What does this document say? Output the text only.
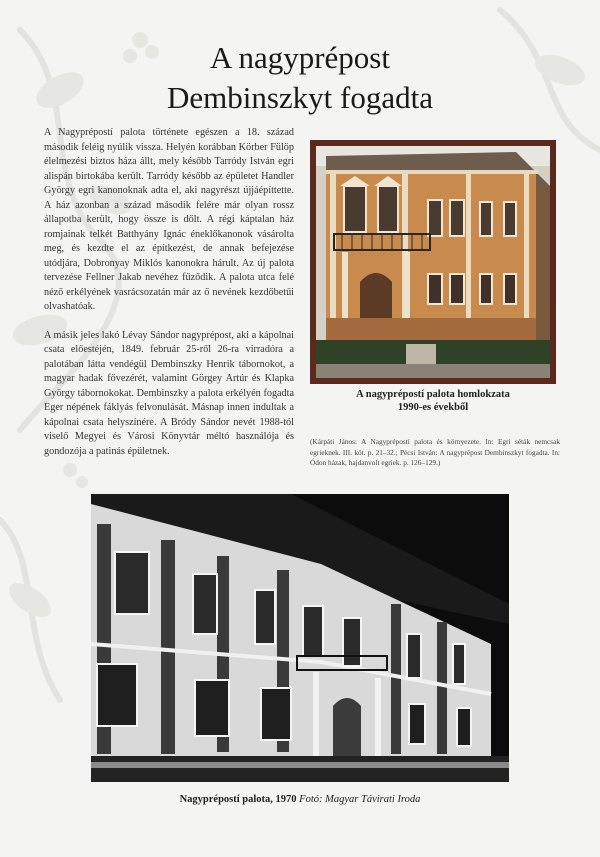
A nagyprépost
Dembinszkyt fogadta

A Nagyprépostí palota története egészen a 18. század második feléig nyúlik vissza. Helyén korábban Körber Fülöp élelmezési biztos háza állt, mely később Tarródy István egri alispán birtokába került. Tarródy később az épületet Handler György egri kanonoknak adta el, aki nagyrészt újjáépíttette. A ház azonban a század második felére már olyan rossz állapotba került, hogy össze is dőlt. A régi káptalan ház romjainak telkét Batthyány Ignác éneklőkanonok vásárolta meg, és kezdte el az építkezést, de annak befejezése utódjára, Dobronyay Miklós kanonokra hárult. Az új palota tervezése Fellner Jakab nevéhez fűződik. A palota utca felé néző erkélyének vasrácsozatán már az ő nevének kezdőbetűi olvashatóak.

A másik jeles lakó Lévay Sándor nagyprépost, aki a kápolnai csata előestéjén, 1849. február 25-ről 26-ra virradóra a palotában látta vendégül Dembinszky Henrik tábornokot, a magyar hadak fővezérét, valamint Görgey Artúr és Klapka György tábornokokat. Dembinszky a palota erkélyén fogadta Eger népének fáklyás felvonulását. Másnap innen indultak a kápolnai csata helyszínére. A Bródy Sándor nevét 1988-tól viselő Megyei és Városi Könyvtár méltó használója és gondozója a patinás épületnek.

A nagyprépostí palota homlokzata
1990-es évekből
(Kárpáti János: A Nagyprépostí palota és környezete. In: Egri séták nemcsak egrieknek. III. köt. p. 21–32.; Pécsi István: A nagyprépost Dembinszkyt fogadta. In: Ódon házak, hajdanvolt egriek. p. 126–129.)
Nagyprépostí palota, 1970 Fotó: Magyar Távirati Iroda
